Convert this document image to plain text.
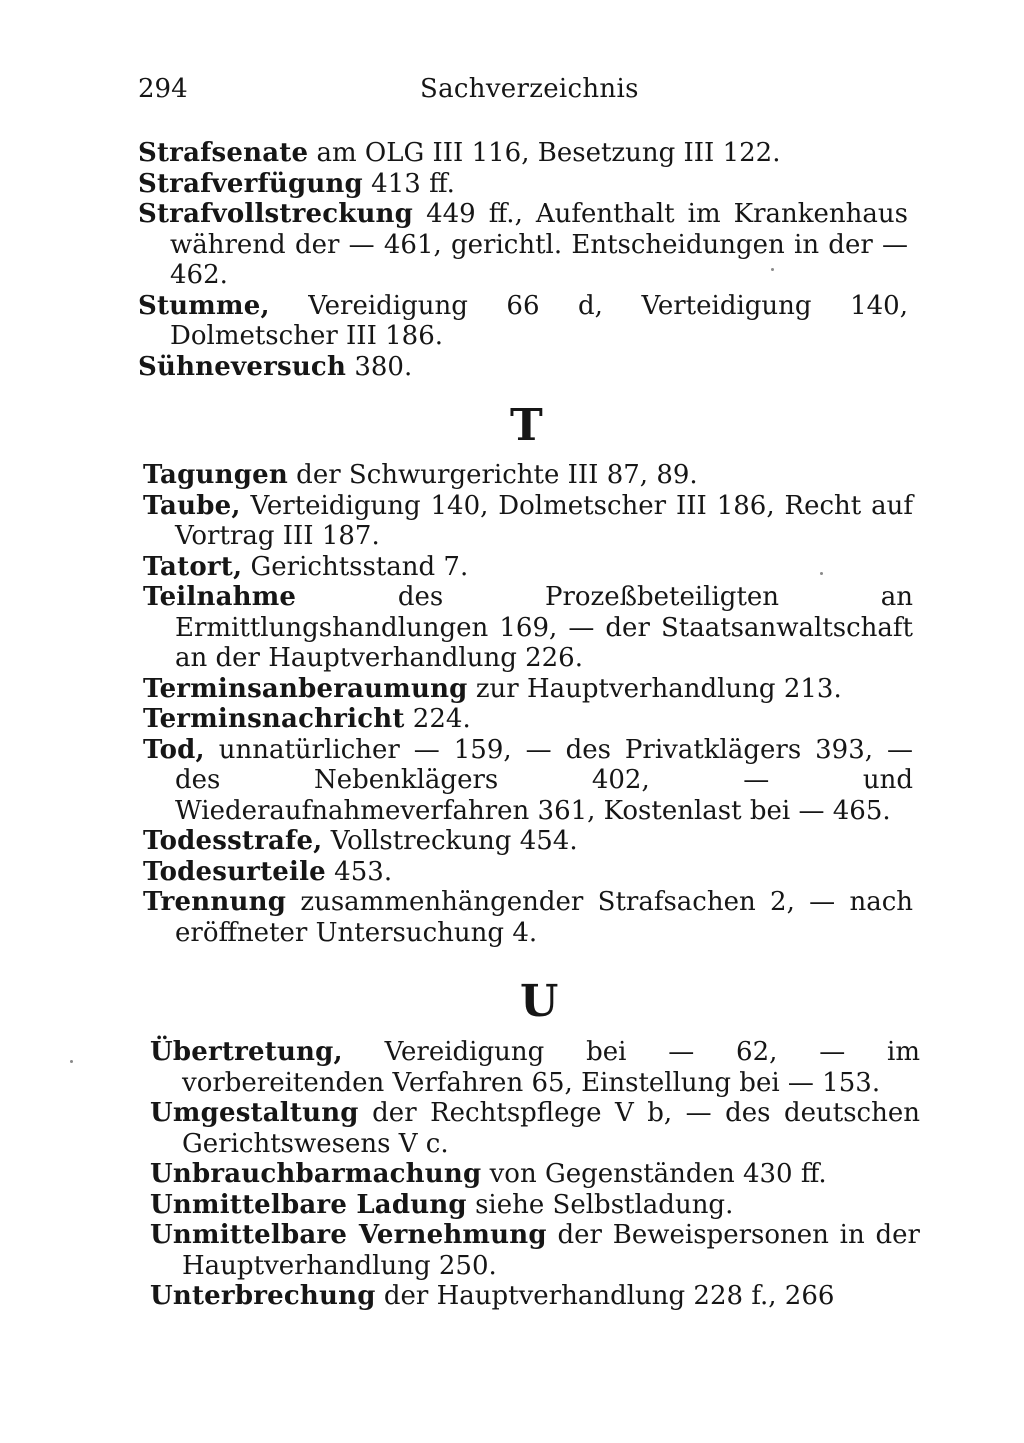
294	Sachverzeichnis

Strafsenate am OLG III 116, Besetzung III 122.

Strafverfügung 413 ff.

Strafvollstreckung 449 ff., Aufenthalt im Krankenhaus während der — 461, gerichtl. Entscheidungen in der — 462.

Stumme, Vereidigung 66 d, Verteidigung 140, Dolmetscher III 186.

Sühneversuch 380.

T

Tagungen der Schwurgerichte III 87, 89.

Taube, Verteidigung 140, Dolmetscher III 186, Recht auf Vortrag III 187.

Tatort, Gerichtsstand 7.

Teilnahme des Prozeßbeteiligten an Ermittlungshandlungen 169, — der Staatsanwaltschaft an der Hauptverhandlung 226.

Terminsanberaumung zur Hauptverhandlung 213.

Terminsnachricht 224.

Tod, unnatürlicher — 159, — des Privatklägers 393, — des Nebenklägers 402, — und Wiederaufnahmeverfahren 361, Kostenlast bei — 465.

Todesstrafe, Vollstreckung 454.

Todesurteile 453.

Trennung zusammenhängender Strafsachen 2, — nach eröffneter Untersuchung 4.

U

Übertretung, Vereidigung bei — 62, — im vorbereitenden Verfahren 65, Einstellung bei — 153.

Umgestaltung der Rechtspflege V b, — des deutschen Gerichtswesens V c.

Unbrauchbarmachung von Gegenständen 430 ff.

Unmittelbare Ladung siehe Selbstladung.

Unmittelbare Vernehmung der Beweispersonen in der Hauptverhandlung 250.

Unterbrechung der Hauptverhandlung 228 f., 266
